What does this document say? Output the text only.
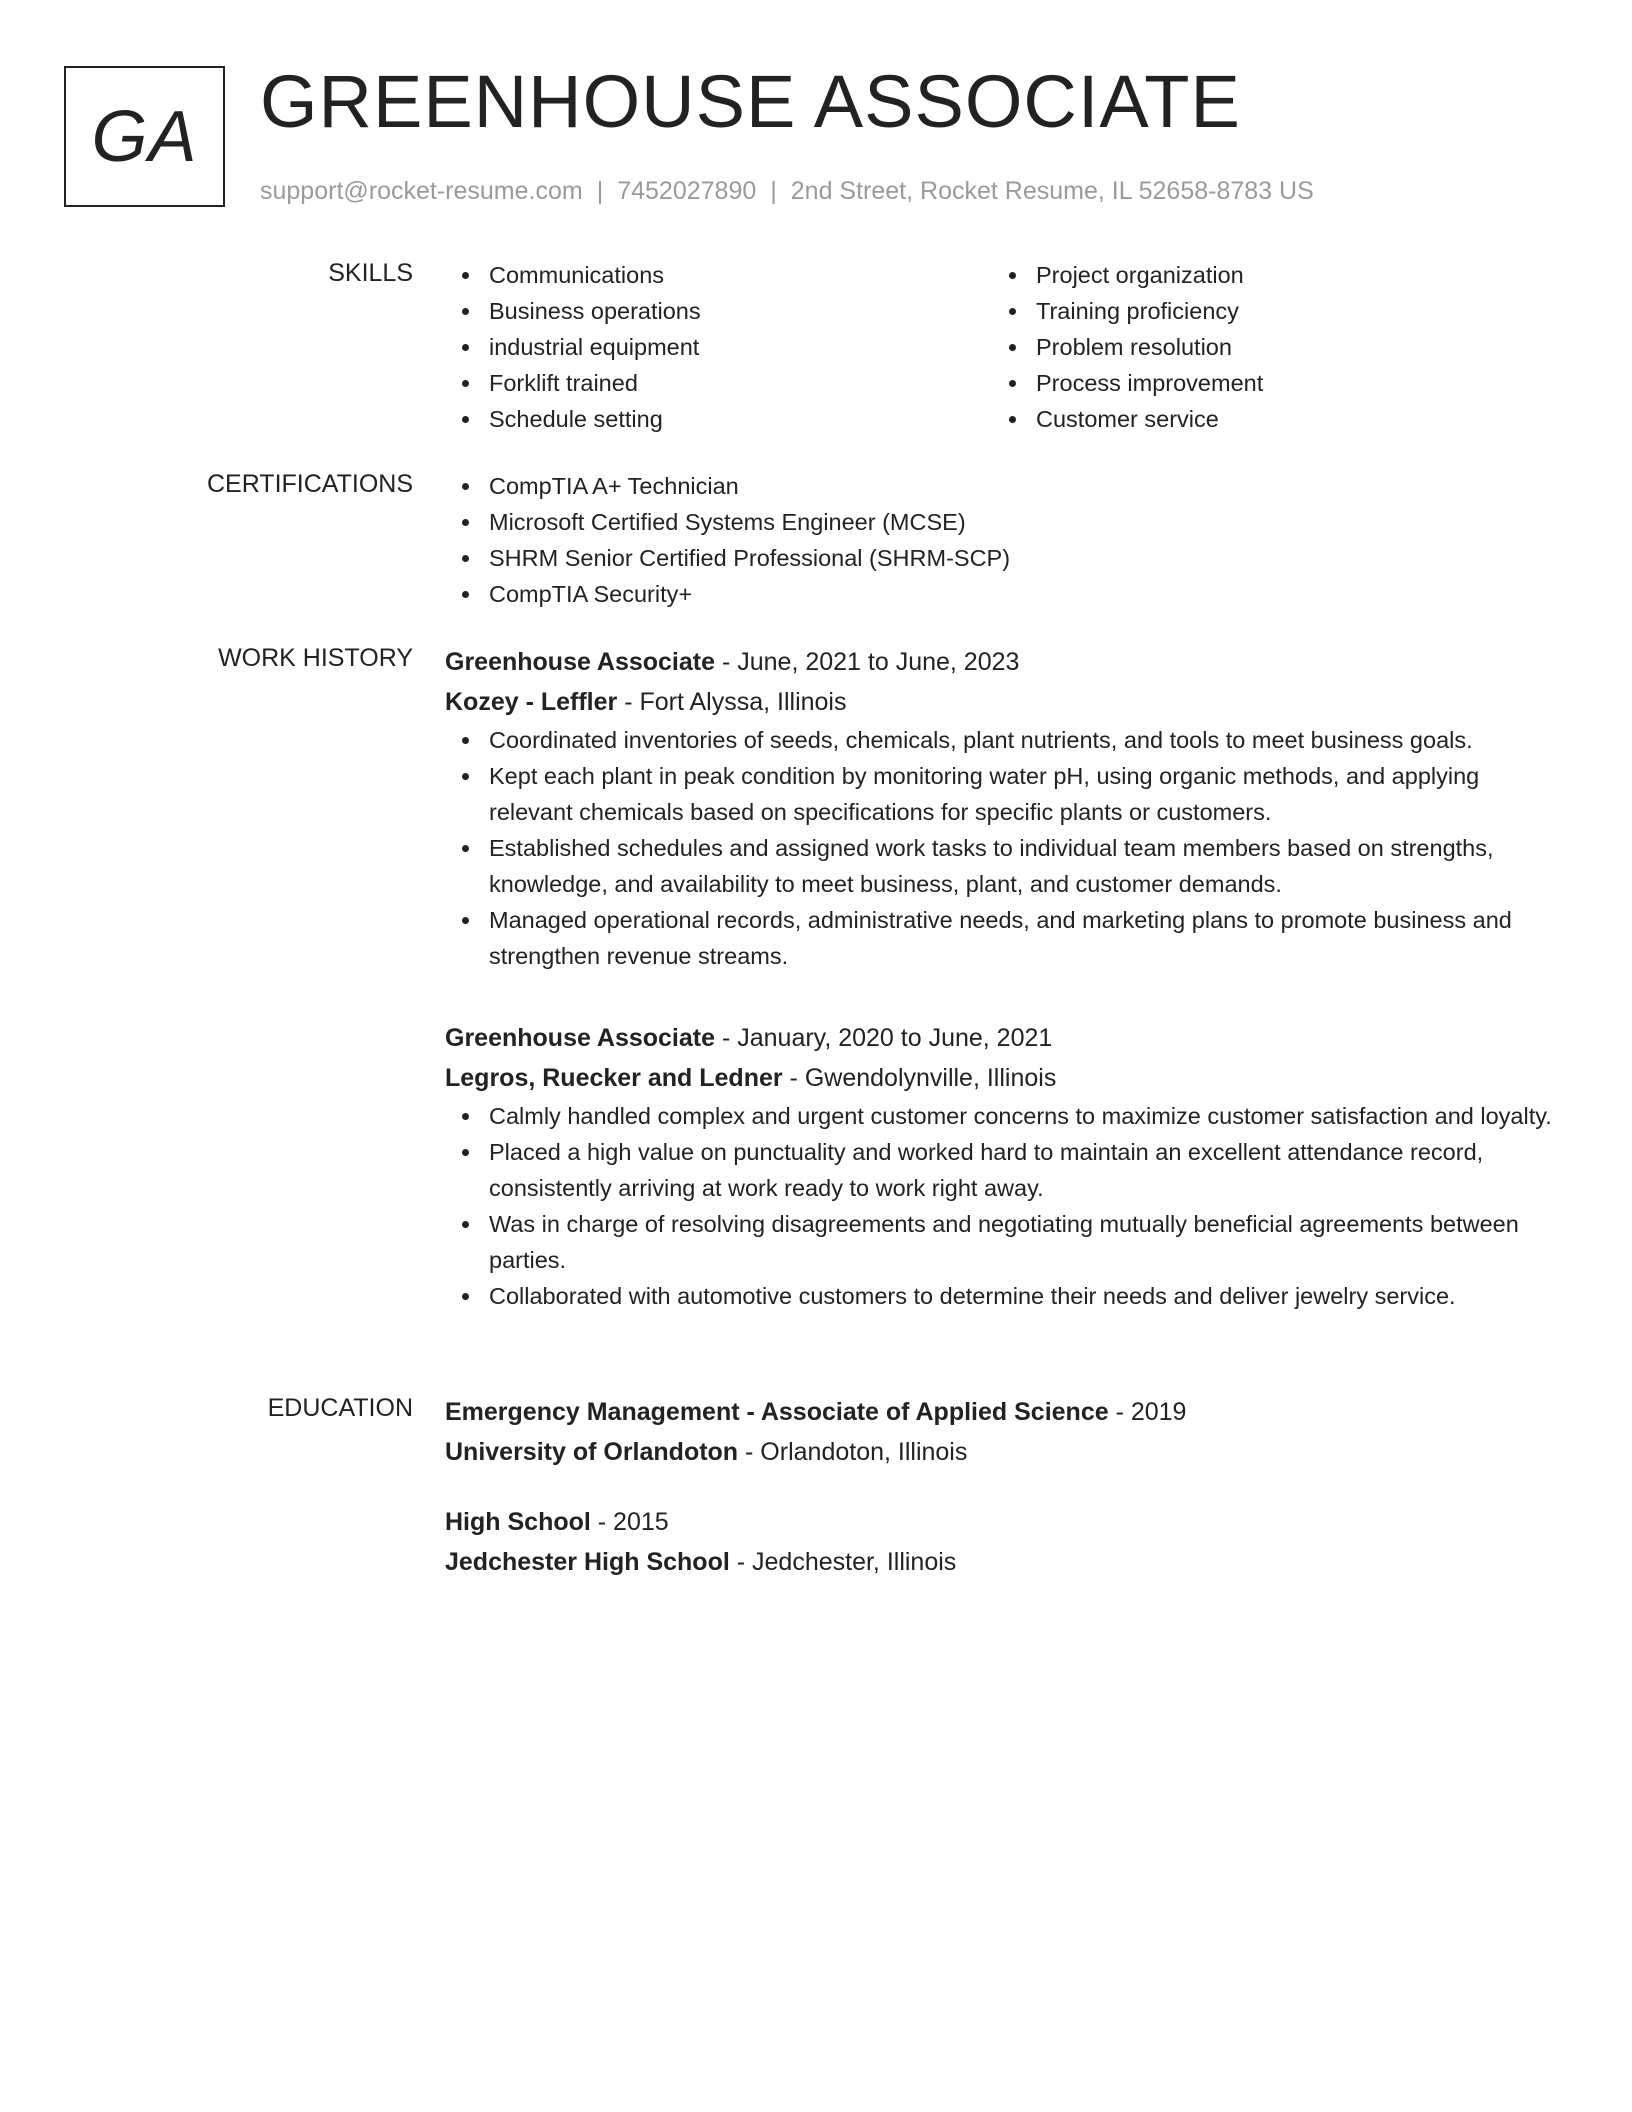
GA GREENHOUSE ASSOCIATE
support@rocket-resume.com | 7452027890 | 2nd Street, Rocket Resume, IL 52658-8783 US
SKILLS	Communications
Business operations
industrial equipment
Forklift trained
Schedule setting
Project organization
Training proficiency
Problem resolution
Process improvement
Customer service
CERTIFICATIONS	CompTIA A+ Technician
Microsoft Certified Systems Engineer (MCSE)
SHRM Senior Certified Professional (SHRM-SCP)
CompTIA Security+
WORK HISTORY Greenhouse Associate - June, 2021 to June, 2023
Kozey - Leffler - Fort Alyssa, Illinois
Coordinated inventories of seeds, chemicals, plant nutrients, and tools to meet business goals.
Kept each plant in peak condition by monitoring water pH, using organic methods, and applying relevant chemicals based on specifications for specific plants or customers.
Established schedules and assigned work tasks to individual team members based on strengths, knowledge, and availability to meet business, plant, and customer demands.
Managed operational records, administrative needs, and marketing plans to promote business and strengthen revenue streams.
Greenhouse Associate - January, 2020 to June, 2021
Legros, Ruecker and Ledner - Gwendolynville, Illinois
Calmly handled complex and urgent customer concerns to maximize customer satisfaction and loyalty.
Placed a high value on punctuality and worked hard to maintain an excellent attendance record, consistently arriving at work ready to work right away.
Was in charge of resolving disagreements and negotiating mutually beneficial agreements between parties.
Collaborated with automotive customers to determine their needs and deliver jewelry service.
EDUCATION Emergency Management - Associate of Applied Science - 2019
University of Orlandoton - Orlandoton, Illinois
High School - 2015
Jedchester High School - Jedchester, Illinois
